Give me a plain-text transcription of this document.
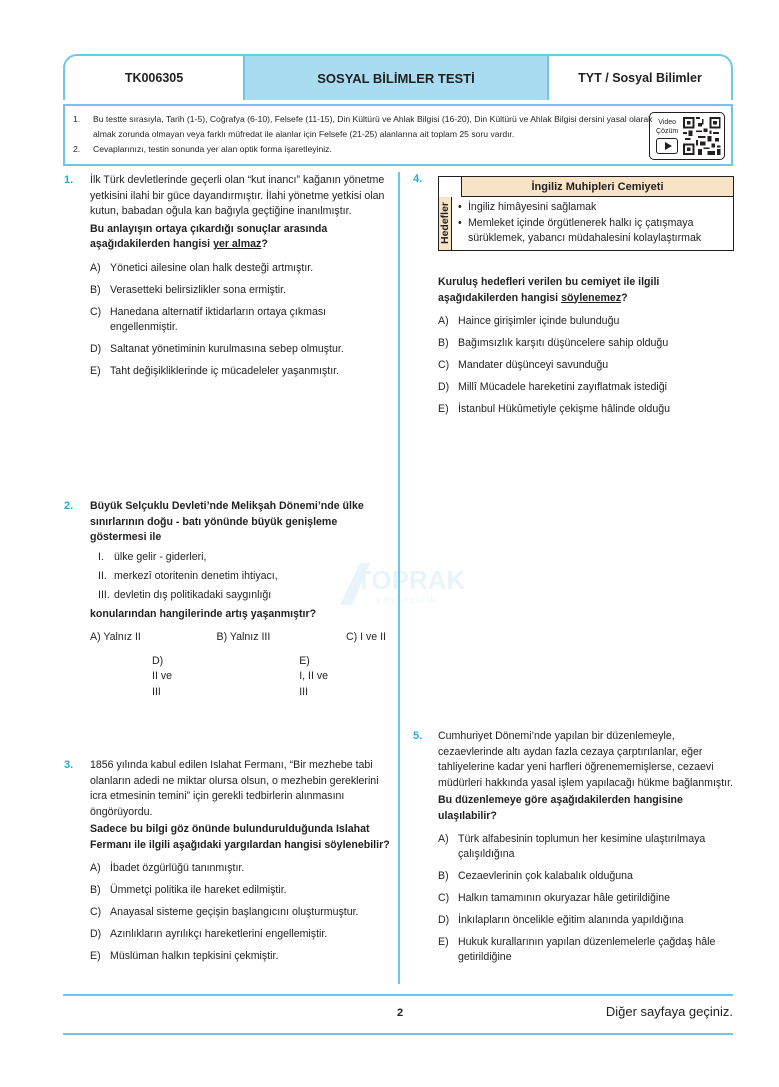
TK006305	SOSYAL BİLİMLER TESTİ	TYT / Sosyal Bilimler
1.	Bu testte sırasıyla, Tarih (1-5), Coğrafya (6-10), Felsefe (11-15), Din Kültürü ve Ahlak Bilgisi (16-20), Din Kültürü ve Ahlak Bilgisi dersini yasal olarak almak zorunda olmayan veya farklı müfredat ile alanlar için Felsefe (21-25) alanlarına ait toplam 25 soru vardır.
2.	Cevaplarınızı, testin sonunda yer alan optik forma işaretleyiniz.
Video
Çözüm
TOPRAK
yayıncılık
1. İlk Türk devletlerinde geçerli olan “kut inancı” kağanın yönetme yetkisini ilahi bir güce dayandırmıştır. İlahi yönetme yetkisi olan kutun, babadan oğula kan bağıyla geçtiğine inanılmıştır.
Bu anlayışın ortaya çıkardığı sonuçlar arasında aşağıdakilerden hangisi yer almaz?
A) Yönetici ailesine olan halk desteği artmıştır.
B) Verasetteki belirsizlikler sona ermiştir.
C) Hanedana alternatif iktidarların ortaya çıkması engellenmiştir.
D) Saltanat yönetiminin kurulmasına sebep olmuştur.
E) Taht değişikliklerinde iç mücadeleler yaşanmıştır.
2. Büyük Selçuklu Devleti’nde Melikşah Dönemi’nde ülke sınırlarının doğu - batı yönünde büyük genişleme göstermesi ile
I. ülke gelir - giderleri,
II. merkezî otoritenin denetim ihtiyacı,
III. devletin dış politikadaki saygınlığı
konularından hangilerinde artış yaşanmıştır?
A) Yalnız II	B) Yalnız III	C) I ve II
D) II ve III
E) I, II ve III
3. 1856 yılında kabul edilen Islahat Fermanı, “Bir mezhebe tabi olanların adedi ne miktar olursa olsun, o mezhebin gereklerini icra etmesinin temini” için gerekli tedbirlerin alınmasını öngörüyordu.
Sadece bu bilgi göz önünde bulundurulduğunda Islahat Fermanı ile ilgili aşağıdaki yargılardan hangisi söylenebilir?
A) İbadet özgürlüğü tanınmıştır.
B) Ümmetçi politika ile hareket edilmiştir.
C) Anayasal sisteme geçişin başlangıcını oluşturmuştur.
D) Azınlıkların ayrılıkçı hareketlerini engellemiştir.
E) Müslüman halkın tepkisini çekmiştir.
4.
İngiliz Muhipleri Cemiyeti
Hedefler • İngiliz himâyesini sağlamak
• Memleket içinde örgütlenerek halkı iç çatışmaya sürüklemek, yabancı müdahalesini kolaylaştırmak
Kuruluş hedefleri verilen bu cemiyet ile ilgili aşağıdakilerden hangisi söylenemez?
A) Haince girişimler içinde bulunduğu
B) Bağımsızlık karşıtı düşüncelere sahip olduğu
C) Mandater düşünceyi savunduğu
D) Millî Mücadele hareketini zayıflatmak istediği
E) İstanbul Hükûmetiyle çekişme hâlinde olduğu
5. Cumhuriyet Dönemi’nde yapılan bir düzenlemeyle, cezaevlerinde altı aydan fazla cezaya çarptırılanlar, eğer tahliyelerine kadar yeni harfleri öğrenememişlerse, cezaevi müdürleri hakkında yasal işlem yapılacağı hükme bağlanmıştır.
Bu düzenlemeye göre aşağıdakilerden hangisine ulaşılabilir?
A) Türk alfabesinin toplumun her kesimine ulaştırılmaya çalışıldığına
B) Cezaevlerinin çok kalabalık olduğuna
C) Halkın tamamının okuryazar hâle getirildiğine
D) İnkılapların öncelikle eğitim alanında yapıldığına
E) Hukuk kurallarının yapılan düzenlemelerle çağdaş hâle getirildiğine
2	Diğer sayfaya geçiniz.
